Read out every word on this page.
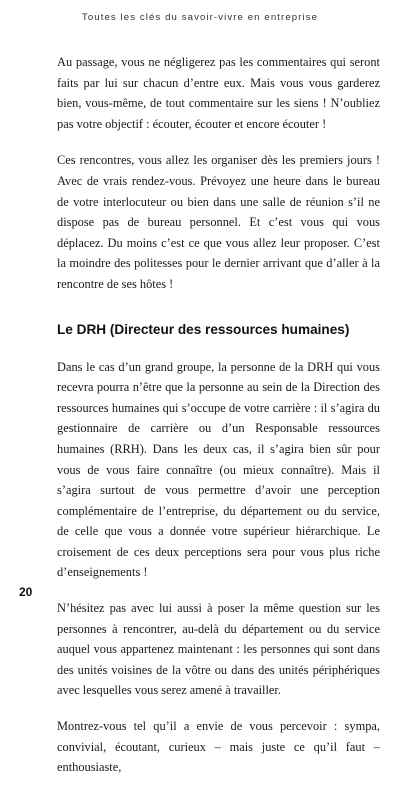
Toutes les clés du savoir-vivre en entreprise

Au passage, vous ne négligerez pas les commentaires qui seront faits par lui sur chacun d’entre eux. Mais vous vous garderez bien, vous-même, de tout commentaire sur les siens ! N’oubliez pas votre objectif : écouter, écouter et encore écouter !

Ces rencontres, vous allez les organiser dès les premiers jours ! Avec de vrais rendez-vous. Prévoyez une heure dans le bureau de votre interlocuteur ou bien dans une salle de réunion s’il ne dispose pas de bureau personnel. Et c’est vous qui vous déplacez. Du moins c’est ce que vous allez leur proposer. C’est la moindre des politesses pour le dernier arrivant que d’aller à la rencontre de ses hôtes !

Le DRH (Directeur des ressources humaines)

Dans le cas d’un grand groupe, la personne de la DRH qui vous recevra pourra n’être que la personne au sein de la Direction des ressources humaines qui s’occupe de votre carrière : il s’agira du gestionnaire de carrière ou d’un Responsable ressources humaines (RRH). Dans les deux cas, il s’agira bien sûr pour vous de vous faire connaître (ou mieux connaître). Mais il s’agira surtout de vous permettre d’avoir une perception complémentaire de l’entreprise, du département ou du service, de celle que vous a donnée votre supérieur hiérarchique. Le croisement de ces deux perceptions sera pour vous plus riche d’enseignements !

N’hésitez pas avec lui aussi à poser la même question sur les personnes à rencontrer, au-delà du département ou du service auquel vous appartenez maintenant : les personnes qui sont dans des unités voisines de la vôtre ou dans des unités périphériques avec lesquelles vous serez amené à travailler.

Montrez-vous tel qu’il a envie de vous percevoir : sympa, convivial, écoutant, curieux – mais juste ce qu’il faut – enthousiaste,

20
